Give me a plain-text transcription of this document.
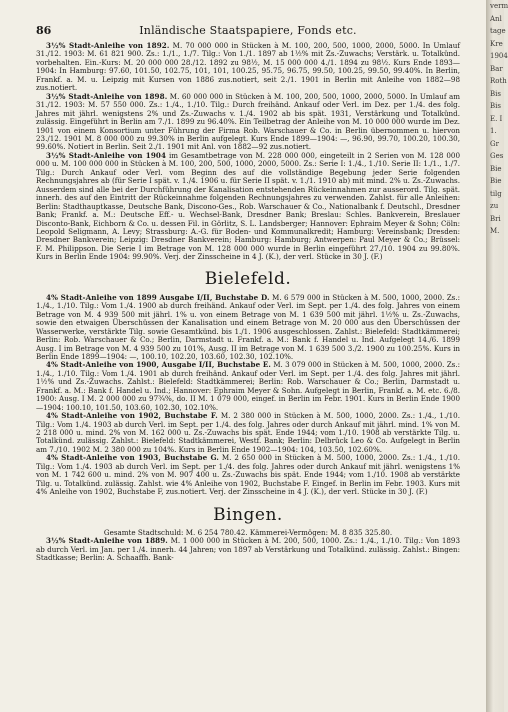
86	Inländische Staatspapiere, Fonds etc.

3½% Stadt-Anleihe von 1892. M. 70 000 000 in Stücken à M. 100, 200, 500, 1000, 2000, 5000. In Umlauf 31./12. 1903: M. 61 821 900. Zs.: 1./1., 1./7. Tilg.: Von 1./1. 1897 ab 1½% mit Zs.-Zuwachs; Verstärk. u. Totalkünd. vorbehalten. Ein.-Kurs: M. 20 000 000 28./12. 1892 zu 98½, M. 15 000 000 4./1. 1894 zu 98½. Kurs Ende 1893—1904: In Hamburg: 97.60, 101.50, 102.75, 101, 101, 100.25, 95.75, 96.75, 99.50, 100.25, 99.50, 99.40%. In Berlin, Frankf. a. M. u. Leipzig mit Kursen von 1886 zus.notiert, seit 2./1. 1901 in Berlin mit Anleihe von 1882—98 zus.notiert.

3½% Stadt-Anleihe von 1898. M. 60 000 000 in Stücken à M. 100, 200, 500, 1000, 2000, 5000. In Umlauf am 31./12. 1903: M. 57 550 000. Zs.: 1./4., 1./10. Tilg.: Durch freihänd. Ankauf oder Verl. im Dez. per 1./4. des folg. Jahres mit jährl. wenigstens 2% und Zs.-Zuwachs v. 1./4. 1902 ab bis spät. 1931, Verstärkung und Totalkünd. zulässig. Eingeführt in Berlin am 7./1. 1899 zu 96.40%. Ein Teilbetrag der Anleihe von M. 10 000 000 wurde im Dez. 1901 von einem Konsortium unter Führung der Firma Rob. Warschauer & Co. in Berlin übernommen u. hiervon 23./12. 1901 M. 8 000 000 zu 99.30% in Berlin aufgelegt. Kurs Ende 1899—1904: —, 96.90, 99.70, 100.20, 100.30, 99.60%. Notiert in Berlin. Seit 2./1. 1901 mit Anl. von 1882—92 zus.notiert.

3½% Stadt-Anleihe von 1904 im Gesamtbetrage von M. 228 000 000, eingeteilt in 2 Serien von M. 128 000 000 u. M. 100 000 000 in Stücken à M. 100, 200, 500, 1000, 2000, 5000. Zs.: Serie I: 1./4., 1./10. Serie II: 1./1., 1./7. Tilg.: Durch Ankauf oder Verl. vom Beginn des auf die vollständige Begebung jeder Serie folgenden Rechnungsjahres ab (für Serie I spät. v. 1./4. 1906 u. für Serie II spät. v. 1./1. 1910 ab) mit mind. 2% u. Zs.-Zuwachs. Ausserdem sind alle bei der Durchführung der Kanalisation entstehenden Rückeinnahmen zur ausserord. Tilg. spät. innerh. des auf den Eintritt der Rückeinnahme folgenden Rechnungsjahres zu verwenden. Zahlst. für alle Anleihen: Berlin: Stadthauptkasse, Deutsche Bank, Discono-Ges., Rob. Warschauer & Co., Nationalbank f. Deutschl., Dresdner Bank; Frankf. a. M.: Deutsche Eff.- u. Wechsel-Bank, Dresdner Bank; Breslau: Schles. Bankverein, Breslauer Disconto-Bank, Eichborn & Co. u. dessen Fil. in Görlitz, S. L. Landsberger; Hannover: Ephraim Meyer & Sohn; Cöln: Leopold Seligmann, A. Levy; Strassburg: A.-G. für Boden- und Kommunalkredit; Hamburg: Vereinsbank; Dresden: Dresdner Bankverein; Leipzig: Dresdner Bankverein; Hamburg: Hamburg; Antwerpen: Paul Meyer & Co.; Brüssel: F. M. Philippson. Die Serie I im Betrage von M. 128 000 000 wurde in Berlin eingeführt 27./10. 1904 zu 99.80%. Kurs in Berlin Ende 1904: 99.90%. Verj. der Zinsscheine in 4 J. (K.), der verl. Stücke in 30 J. (F.)

Bielefeld.

4% Stadt-Anleihe von 1899 Ausgabe I/II, Buchstabe D. M. 6 579 000 in Stücken à M. 500, 1000, 2000. Zs.: 1./4., 1./10. Tilg.: Vom 1./4. 1900 ab durch freihänd. Ankauf oder Verl. im Sept. per 1./4. des folg. Jahres von einem Betrage von M. 4 939 500 mit jährl. 1% u. von einem Betrage von M. 1 639 500 mit jährl. 1½% u. Zs.-Zuwachs, sowie den etwaigen Überschüssen der Kanalisation und einem Betrage von M. 20 000 aus den Überschüssen der Wasserwerke, verstärkte Tilg. sowie Gesamtkünd. bis 1./1. 1906 ausgeschlossen. Zahlst.: Bielefeld: Stadtkämmerei; Berlin: Rob. Warschauer & Co.; Berlin, Darmstadt u. Frankf. a. M.: Bank f. Handel u. Ind. Aufgelegt 14./6. 1899 Ausg. I im Betrage von M. 4 939 500 zu 101%, Ausg. II im Betrage von M. 1 639 500 3./2. 1900 zu 100.25%. Kurs in Berlin Ende 1899—1904: —, 100.10, 102.20, 103.60, 102.30, 102.10%.

4% Stadt-Anleihe von 1900, Ausgabe I/II, Buchstabe E. M. 3 079 000 in Stücken à M. 500, 1000, 2000. Zs.: 1./4., 1./10. Tilg.: Vom 1./4. 1901 ab durch freihänd. Ankauf oder Verl. im Sept. per 1./4. des folg. Jahres mit jährl. 1½% und Zs.-Zuwachs. Zahlst.: Bielefeld: Stadtkämmerei; Berlin: Rob. Warschauer & Co.; Berlin, Darmstadt u. Frankf. a. M.: Bank f. Handel u. Ind.; Hannover: Ephraim Meyer & Sohn. Aufgelegt in Berlin, Frankf. a. M. etc. 6./8. 1900: Ausg. I M. 2 000 000 zu 97¾%, do. II M. 1 079 000, eingef. in Berlin im Febr. 1901. Kurs in Berlin Ende 1900—1904: 100.10, 101.50, 103.60, 102.30, 102.10%.

4% Stadt-Anleihe von 1902, Buchstabe F. M. 2 380 000 in Stücken à M. 500, 1000, 2000. Zs.: 1./4., 1./10. Tilg.: Vom 1./4. 1903 ab durch Verl. im Sept. per 1./4. des folg. Jahres oder durch Ankauf mit jährl. mind. 1% von M. 2 218 000 u. mind. 2% von M. 162 000 u. Zs.-Zuwachs bis spät. Ende 1944; vom 1./10. 1908 ab verstärkte Tilg. u. Totalkünd. zulässig. Zahlst.: Bielefeld: Stadtkämmerei, Westf. Bank; Berlin: Delbrück Leo & Co. Aufgelegt in Berlin am 7./10. 1902 M. 2 380 000 zu 104%. Kurs in Berlin Ende 1902—1904: 104, 103.50, 102.60%.

4% Stadt-Anleihe von 1903, Buchstabe G. M. 2 650 000 in Stücken à M. 500, 1000, 2000. Zs.: 1./4., 1./10. Tilg.: Vom 1./4. 1903 ab durch Verl. im Sept. per 1./4. des folg. Jahres oder durch Ankauf mit jährl. wenigstens 1% von M. 1 742 600 u. mind. 2% von M. 907 400 u. Zs.-Zuwachs bis spät. Ende 1944; vom 1./10. 1908 ab verstärkte Tilg. u. Totalkünd. zulässig. Zahlst. wie 4% Anleihe von 1902, Buchstabe F. Eingef. in Berlin im Febr. 1903. Kurs mit 4% Anleihe von 1902, Buchstabe F, zus.notiert. Verj. der Zinsscheine in 4 J. (K.), der verl. Stücke in 30 J. (F.)

Bingen.

Gesamte Stadtschuld: M. 6 254 780.42. Kämmerei-Vermögen: M. 8 835 325.80.

3½% Stadt-Anleihe von 1889. M. 1 000 000 in Stücken à M. 200, 500, 1000. Zs.: 1./4., 1./10. Tilg.: Von 1893 ab durch Verl. im Jan. per 1./4. innerh. 44 Jahren; von 1897 ab Verstärkung und Totalkünd. zulässig. Zahlst.: Bingen: Stadtkasse; Berlin: A. Schaaffh. Bank-

verm
Anl
tage
Kre
1904
Bar
Roth
Bis
Bis
E. I
1.
Gr
Ges
Bie
Bie
tilg
zu
Bri
M.
